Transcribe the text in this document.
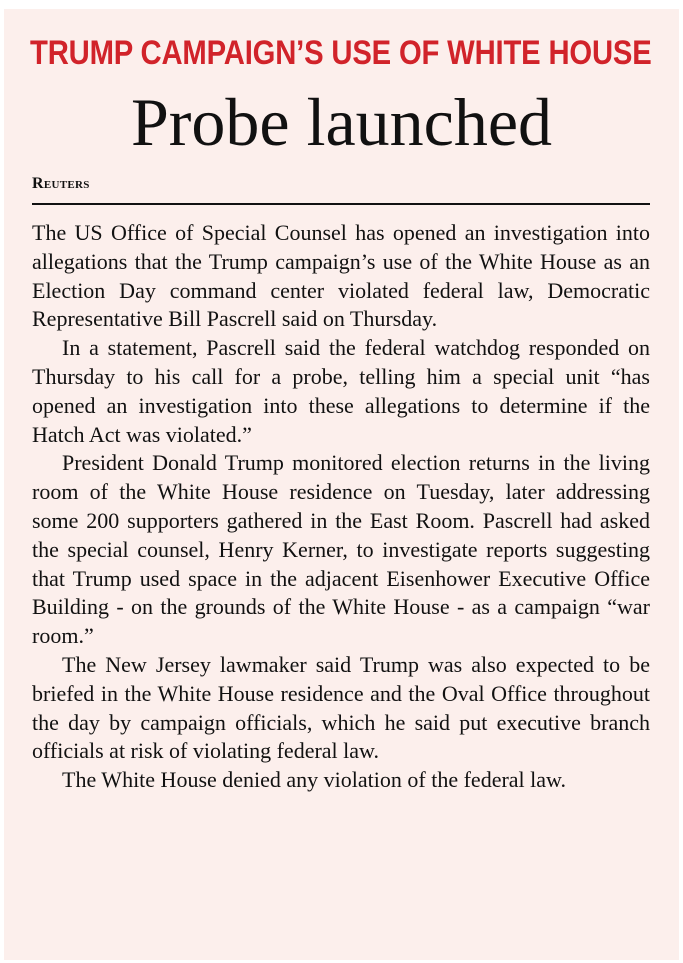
TRUMP CAMPAIGN’S USE OF WHITE HOUSE
Probe launched
Reuters

The US Office of Special Counsel has opened an investigation into allegations that the Trump campaign’s use of the White House as an Election Day command center violated federal law, Democratic Representative Bill Pascrell said on Thursday.

In a statement, Pascrell said the federal watchdog responded on Thursday to his call for a probe, telling him a special unit “has opened an investigation into these allegations to determine if the Hatch Act was violated.”

President Donald Trump monitored election returns in the living room of the White House residence on Tuesday, later addressing some 200 supporters gathered in the East Room. Pascrell had asked the special counsel, Henry Kerner, to investigate reports suggesting that Trump used space in the adjacent Eisenhower Executive Office Building - on the grounds of the White House - as a campaign “war room.”

The New Jersey lawmaker said Trump was also expected to be briefed in the White House residence and the Oval Office throughout the day by campaign officials, which he said put executive branch officials at risk of violating federal law.

The White House denied any violation of the federal law.
